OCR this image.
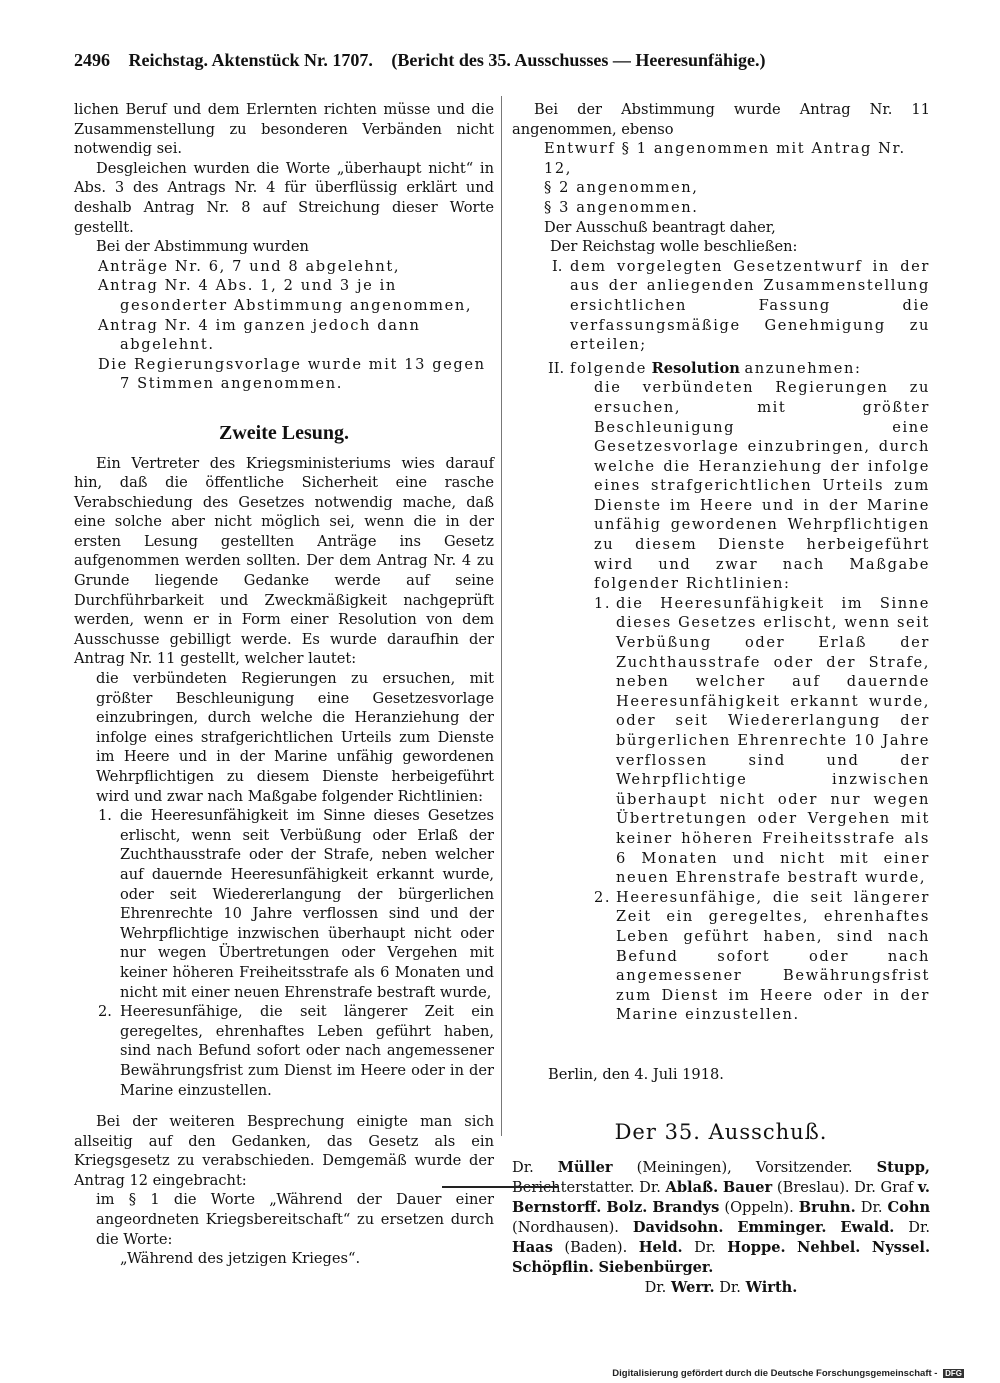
2496 Reichstag. Aktenstück Nr. 1707. (Bericht des 35. Ausschusses — Heeresunfähige.)

lichen Beruf und dem Erlernten richten müsse und die Zusammenstellung zu besonderen Verbänden nicht notwendig sei.

Desgleichen wurden die Worte „überhaupt nicht“ in Abs. 3 des Antrags Nr. 4 für überflüssig erklärt und deshalb Antrag Nr. 8 auf Streichung dieser Worte gestellt.

Bei der Abstimmung wurden
Anträge Nr. 6, 7 und 8 abgelehnt,
Antrag Nr. 4 Abs. 1, 2 und 3 je in gesonderter Abstimmung angenommen,
Antrag Nr. 4 im ganzen jedoch dann abgelehnt.
Die Regierungsvorlage wurde mit 13 gegen 7 Stimmen angenommen.
Zweite Lesung.

Ein Vertreter des Kriegsministeriums wies darauf hin, daß die öffentliche Sicherheit eine rasche Verabschiedung des Gesetzes notwendig mache, daß eine solche aber nicht möglich sei, wenn die in der ersten Lesung gestellten Anträge ins Gesetz aufgenommen werden sollten. Der dem Antrag Nr. 4 zu Grunde liegende Gedanke werde auf seine Durchführbarkeit und Zweckmäßigkeit nachgeprüft werden, wenn er in Form einer Resolution von dem Ausschusse gebilligt werde. Es wurde daraufhin der Antrag Nr. 11 gestellt, welcher lautet:

die verbündeten Regierungen zu ersuchen, mit größter Beschleunigung eine Gesetzesvorlage einzubringen, durch welche die Heranziehung der infolge eines strafgerichtlichen Urteils zum Dienste im Heere und in der Marine unfähig gewordenen Wehrpflichtigen zu diesem Dienste herbeigeführt wird und zwar nach Maßgabe folgender Richtlinien:

1. die Heeresunfähigkeit im Sinne dieses Gesetzes erlischt, wenn seit Verbüßung oder Erlaß der Zuchthausstrafe oder der Strafe, neben welcher auf dauernde Heeresunfähigkeit erkannt wurde, oder seit Wiedererlangung der bürgerlichen Ehrenrechte 10 Jahre verflossen sind und der Wehrpflichtige inzwischen überhaupt nicht oder nur wegen Übertretungen oder Vergehen mit keiner höheren Freiheitsstrafe als 6 Monaten und nicht mit einer neuen Ehrenstrafe bestraft wurde,
2. Heeresunfähige, die seit längerer Zeit ein geregeltes, ehrenhaftes Leben geführt haben, sind nach Befund sofort oder nach angemessener Bewährungsfrist zum Dienst im Heere oder in der Marine einzustellen.

Bei der weiteren Besprechung einigte man sich allseitig auf den Gedanken, das Gesetz als ein Kriegsgesetz zu verabschieden. Demgemäß wurde der Antrag 12 eingebracht:

im § 1 die Worte „Während der Dauer einer angeordneten Kriegsbereitschaft“ zu ersetzen durch die Worte:

„Während des jetzigen Krieges“.

Bei der Abstimmung wurde Antrag Nr. 11 angenommen, ebenso

Entwurf § 1 angenommen mit Antrag Nr. 12,
§ 2 angenommen,
§ 3 angenommen.
Der Ausschuß beantragt daher,
Der Reichstag wolle beschließen:
I. dem vorgelegten Gesetzentwurf in der aus der anliegenden Zusammenstellung ersichtlichen Fassung die verfassungsmäßige Genehmigung zu erteilen;

II. folgende Resolution anzunehmen:

die verbündeten Regierungen zu ersuchen, mit größter Beschleunigung eine Gesetzesvorlage einzubringen, durch welche die Heranziehung der infolge eines strafgerichtlichen Urteils zum Dienste im Heere und in der Marine unfähig gewordenen Wehrpflichtigen zu diesem Dienste herbeigeführt wird und zwar nach Maßgabe folgender Richtlinien:

1. die Heeresunfähigkeit im Sinne dieses Gesetzes erlischt, wenn seit Verbüßung oder Erlaß der Zuchthausstrafe oder der Strafe, neben welcher auf dauernde Heeresunfähigkeit erkannt wurde, oder seit Wiedererlangung der bürgerlichen Ehrenrechte 10 Jahre verflossen sind und der Wehrpflichtige inzwischen überhaupt nicht oder nur wegen Übertretungen oder Vergehen mit keiner höheren Freiheitsstrafe als 6 Monaten und nicht mit einer neuen Ehrenstrafe bestraft wurde,
2. Heeresunfähige, die seit längerer Zeit ein geregeltes, ehrenhaftes Leben geführt haben, sind nach Befund sofort oder nach angemessener Bewährungsfrist zum Dienst im Heere oder in der Marine einzustellen.
Berlin, den 4. Juli 1918.
Der 35. Ausschuß.
Dr. Müller (Meiningen), Vorsitzender. Stupp, Berichterstatter. Dr. Ablaß. Bauer (Breslau). Dr. Graf v. Bernstorff. Bolz. Brandys (Oppeln). Bruhn. Dr. Cohn (Nordhausen). Davidsohn. Emminger. Ewald. Dr. Haas (Baden). Held. Dr. Hoppe. Nehbel. Nyssel. Schöpflin. Siebenbürger.
Dr. Werr. Dr. Wirth.
Digitalisierung gefördert durch die Deutsche Forschungsgemeinschaft - DFG
